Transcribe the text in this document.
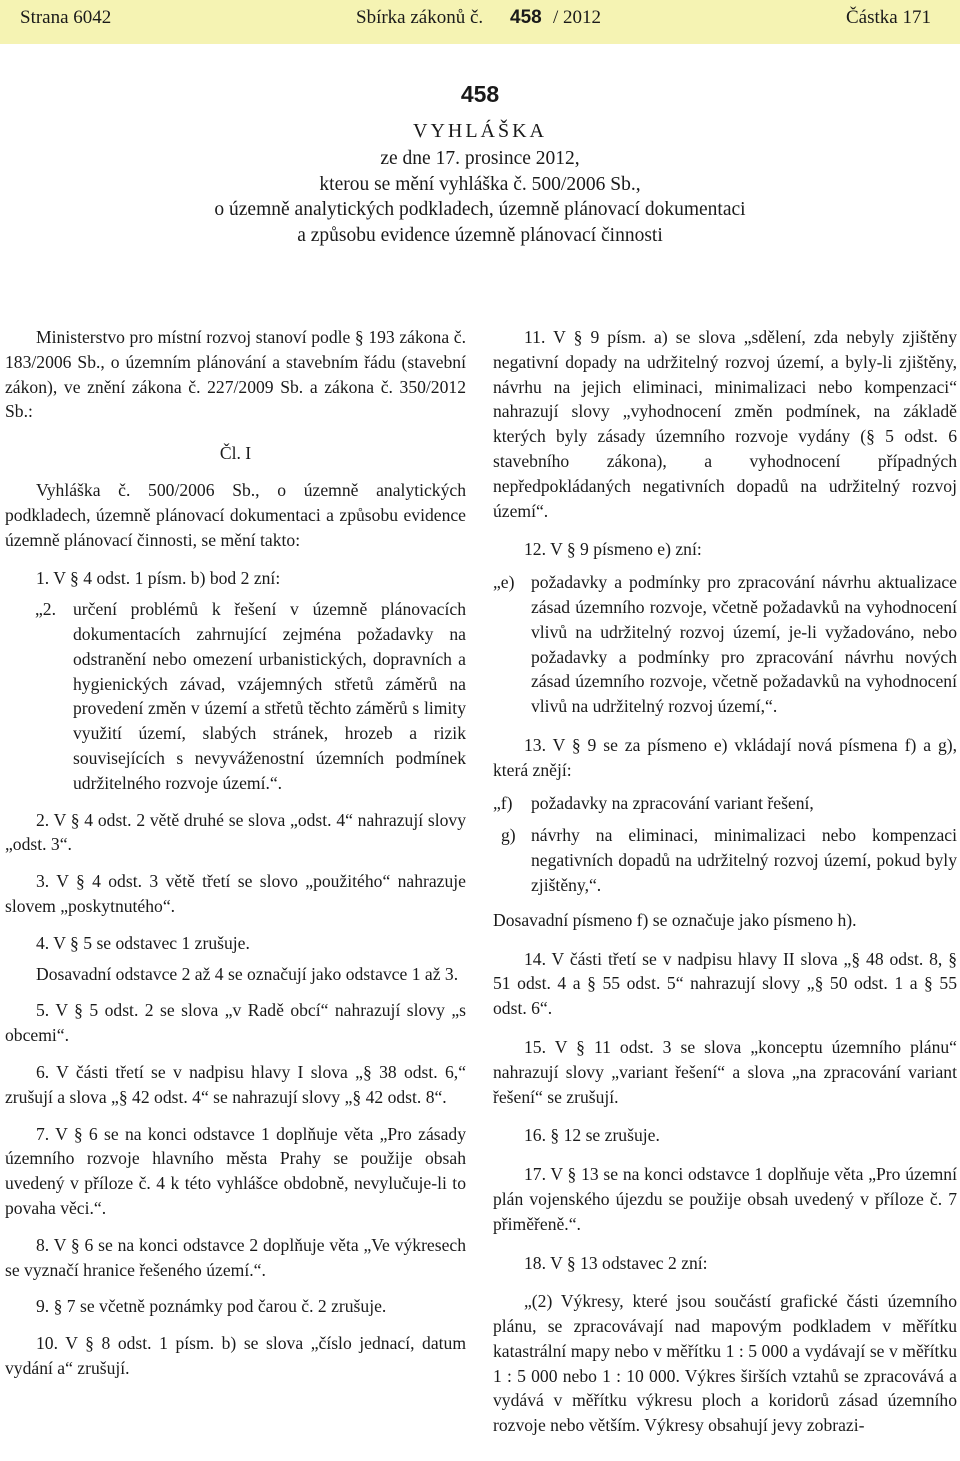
Strana 6042	Sbírka zákonů č. 458 / 2012	Částka 171
458
VYHLÁŠKA
ze dne 17. prosince 2012,
kterou se mění vyhláška č. 500/2006 Sb.,
o územně analytických podkladech, územně plánovací dokumentaci
a způsobu evidence územně plánovací činnosti

Ministerstvo pro místní rozvoj stanoví podle § 193 zákona č. 183/2006 Sb., o územním plánování a stavebním řádu (stavební zákon), ve znění zákona č. 227/2009 Sb. a zákona č. 350/2012 Sb.:

Čl. I

Vyhláška č. 500/2006 Sb., o územně analytických podkladech, územně plánovací dokumentaci a způsobu evidence územně plánovací činnosti, se mění takto:

1. V § 4 odst. 1 písm. b) bod 2 zní:

„2. určení problémů k řešení v územně plánovacích dokumentacích zahrnující zejména požadavky na odstranění nebo omezení urbanistických, dopravních a hygienických závad, vzájemných střetů záměrů na provedení změn v území a střetů těchto záměrů s limity využití území, slabých stránek, hrozeb a rizik souvisejících s nevyváženostní územních podmínek udržitelného rozvoje území.“.

2. V § 4 odst. 2 větě druhé se slova „odst. 4“ nahrazují slovy „odst. 3“.

3. V § 4 odst. 3 větě třetí se slovo „použitého“ nahrazuje slovem „poskytnutého“.

4. V § 5 se odstavec 1 zrušuje.

Dosavadní odstavce 2 až 4 se označují jako odstavce 1 až 3.

5. V § 5 odst. 2 se slova „v Radě obcí“ nahrazují slovy „s obcemi“.

6. V části třetí se v nadpisu hlavy I slova „§ 38 odst. 6,“ zrušují a slova „§ 42 odst. 4“ se nahrazují slovy „§ 42 odst. 8“.

7. V § 6 se na konci odstavce 1 doplňuje věta „Pro zásady územního rozvoje hlavního města Prahy se použije obsah uvedený v příloze č. 4 k této vyhlášce obdobně, nevylučuje-li to povaha věci.“.

8. V § 6 se na konci odstavce 2 doplňuje věta „Ve výkresech se vyznačí hranice řešeného území.“.

9. § 7 se včetně poznámky pod čarou č. 2 zrušuje.

10. V § 8 odst. 1 písm. b) se slova „číslo jednací, datum vydání a“ zrušují.

11. V § 9 písm. a) se slova „sdělení, zda nebyly zjištěny negativní dopady na udržitelný rozvoj území, a byly-li zjištěny, návrhu na jejich eliminaci, minimalizaci nebo kompenzaci“ nahrazují slovy „vyhodnocení změn podmínek, na základě kterých byly zásady územního rozvoje vydány (§ 5 odst. 6 stavebního zákona), a vyhodnocení případných nepředpokládaných negativních dopadů na udržitelný rozvoj území“.

12. V § 9 písmeno e) zní:

„e) požadavky a podmínky pro zpracování návrhu aktualizace zásad územního rozvoje, včetně požadavků na vyhodnocení vlivů na udržitelný rozvoj území, je-li vyžadováno, nebo požadavky a podmínky pro zpracování návrhu nových zásad územního rozvoje, včetně požadavků na vyhodnocení vlivů na udržitelný rozvoj území,“.

13. V § 9 se za písmeno e) vkládají nová písmena f) a g), která znějí:

„f)	požadavky na zpracování variant řešení,
g) návrhy na eliminaci, minimalizaci nebo kompenzaci negativních dopadů na udržitelný rozvoj území, pokud byly zjištěny,“.

Dosavadní písmeno f) se označuje jako písmeno h).

14. V části třetí se v nadpisu hlavy II slova „§ 48 odst. 8, § 51 odst. 4 a § 55 odst. 5“ nahrazují slovy „§ 50 odst. 1 a § 55 odst. 6“.

15. V § 11 odst. 3 se slova „konceptu územního plánu“ nahrazují slovy „variant řešení“ a slova „na zpracování variant řešení“ se zrušují.

16. § 12 se zrušuje.

17. V § 13 se na konci odstavce 1 doplňuje věta „Pro územní plán vojenského újezdu se použije obsah uvedený v příloze č. 7 přiměřeně.“.

18. V § 13 odstavec 2 zní:

„(2) Výkresy, které jsou součástí grafické části územního plánu, se zpracovávají nad mapovým podkladem v měřítku katastrální mapy nebo v měřítku 1 : 5 000 a vydávají se v měřítku 1 : 5 000 nebo 1 : 10 000. Výkres širších vztahů se zpracovává a vydává v měřítku výkresu ploch a koridorů zásad územního rozvoje nebo větším. Výkresy obsahují jevy zobrazi-
